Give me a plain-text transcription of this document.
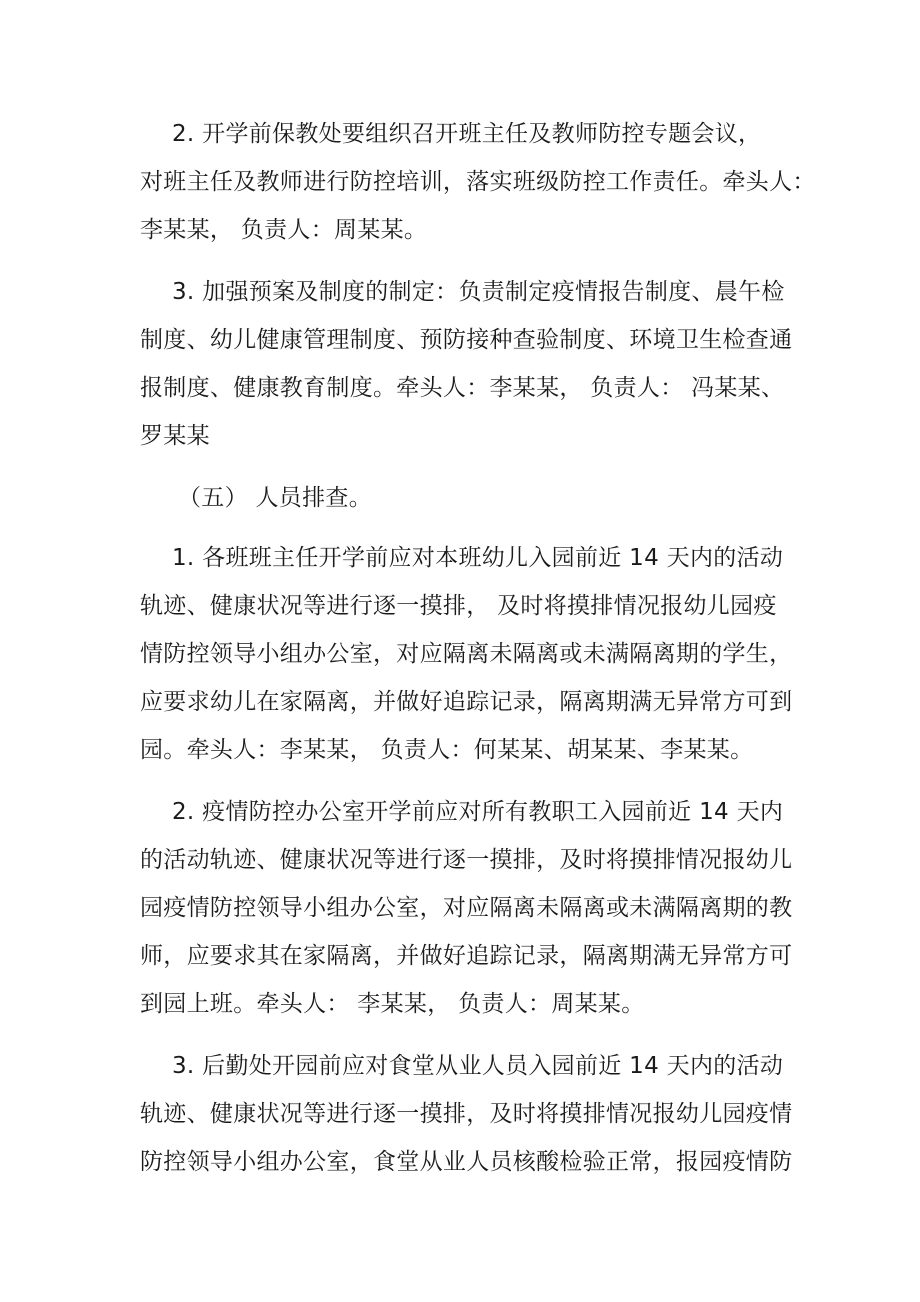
2. 开学前保教处要组织召开班主任及教师防控专题会议，
对班主任及教师进行防控培训，落实班级防控工作责任。牵头人：
李某某， 负责人：周某某。
3. 加强预案及制度的制定：负责制定疫情报告制度、晨午检
制度、幼儿健康管理制度、预防接种查验制度、环境卫生检查通
报制度、健康教育制度。牵头人：李某某， 负责人： 冯某某、
罗某某
（五） 人员排查。
1. 各班班主任开学前应对本班幼儿入园前近 14 天内的活动
轨迹、健康状况等进行逐一摸排， 及时将摸排情况报幼儿园疫
情防控领导小组办公室，对应隔离未隔离或未满隔离期的学生，
应要求幼儿在家隔离，并做好追踪记录，隔离期满无异常方可到
园。牵头人：李某某， 负责人：何某某、胡某某、李某某。
2. 疫情防控办公室开学前应对所有教职工入园前近 14 天内
的活动轨迹、健康状况等进行逐一摸排，及时将摸排情况报幼儿
园疫情防控领导小组办公室，对应隔离未隔离或未满隔离期的教
师，应要求其在家隔离，并做好追踪记录，隔离期满无异常方可
到园上班。牵头人： 李某某， 负责人：周某某。
3. 后勤处开园前应对食堂从业人员入园前近 14 天内的活动
轨迹、健康状况等进行逐一摸排，及时将摸排情况报幼儿园疫情
防控领导小组办公室，食堂从业人员核酸检验正常，报园疫情防
